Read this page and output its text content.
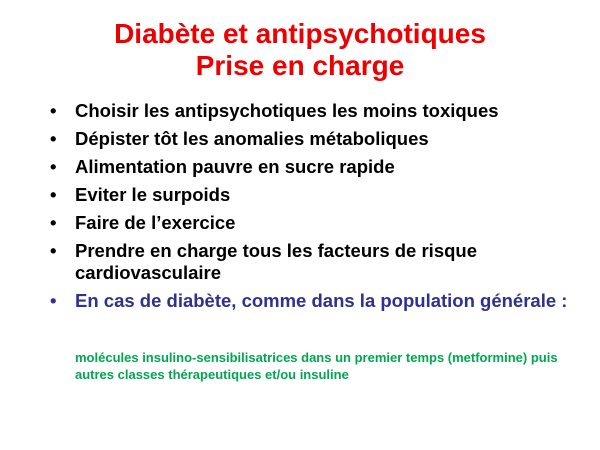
Diabète et antipsychotiques
Prise en charge
• Choisir les antipsychotiques les moins toxiques
• Dépister tôt les anomalies métaboliques
• Alimentation pauvre en sucre rapide
• Eviter le surpoids
• Faire de l’exercice
• Prendre en charge tous les facteurs de risque cardiovasculaire
• En cas de diabète, comme dans la population générale :
molécules insulino-sensibilisatrices dans un premier temps (metformine) puis autres classes thérapeutiques et/ou insuline
